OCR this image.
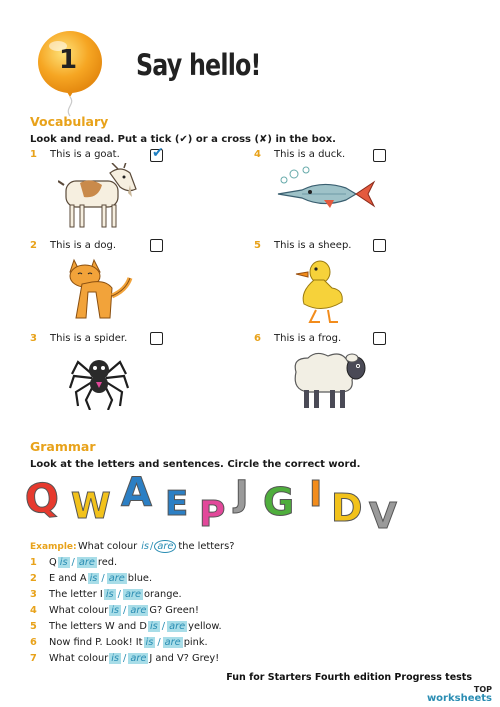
1 Say hello!
Vocabulary
Look and read. Put a tick (✔) or a cross (✘) in the box.
1	This is a goat. ✔
2	This is a dog.
3	This is a spider.
4	This is a duck.
5	This is a sheep.
6	This is a frog.
Grammar
Look at the letters and sentences. Circle the correct word.
Q W A E P J G I D V
Example: What colour is / are the letters?
1	Q is / are red.
2	E and A is / are blue.
3	The letter I is / are orange.
4	What colour is / are G? Green!
5	The letters W and D is / are yellow.
6	Now find P. Look! It is / are pink.
7	What colour is / are J and V? Grey!
Fun for Starters Fourth edition Progress tests
TOP
worksheets
